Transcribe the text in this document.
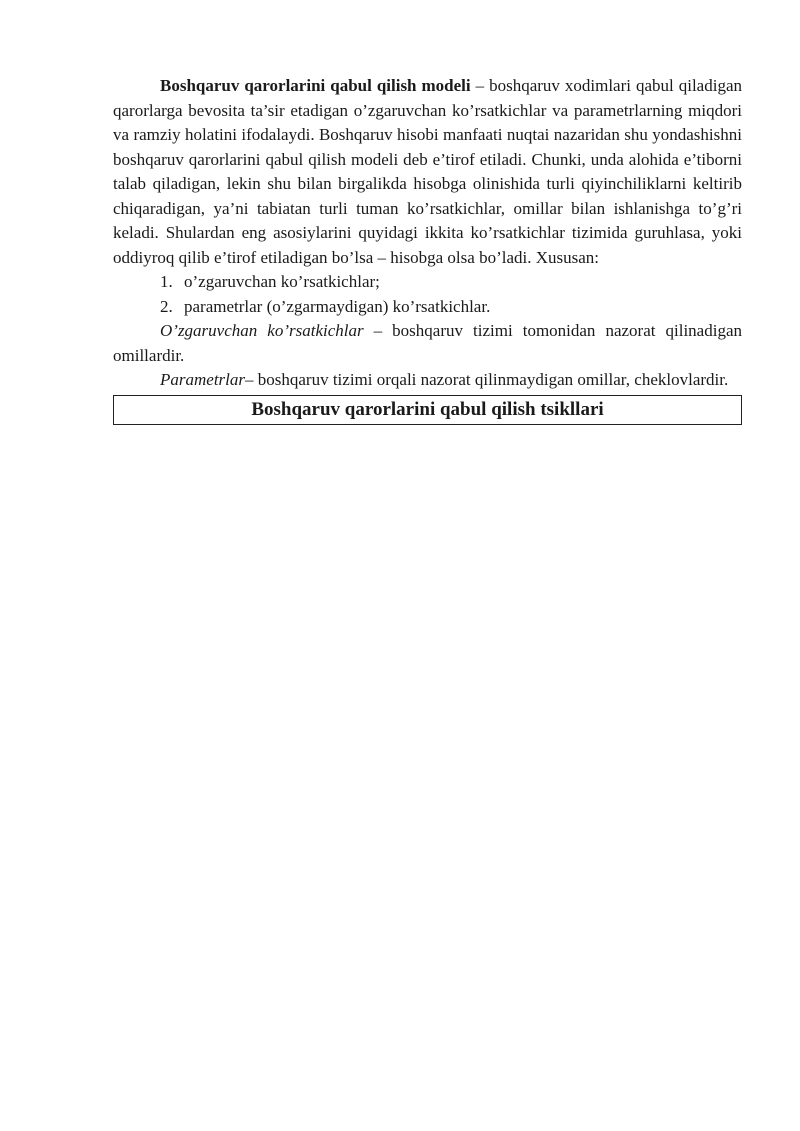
Boshqaruv qarorlarini qabul qilish modeli – boshqaruv xodimlari qabul qiladigan qarorlarga bevosita ta’sir etadigan o’zgaruvchan ko’rsatkichlar va parametrlarning miqdori va ramziy holatini ifodalaydi. Boshqaruv hisobi manfaati nuqtai nazaridan shu yondashishni boshqaruv qarorlarini qabul qilish modeli deb e’tirof etiladi. Chunki, unda alohida e’tiborni talab qiladigan, lekin shu bilan birgalikda hisobga olinishida turli qiyinchiliklarni keltirib chiqaradigan, ya’ni tabiatan turli tuman ko’rsatkichlar, omillar bilan ishlanishga to’g’ri keladi. Shulardan eng asosiylarini quyidagi ikkita ko’rsatkichlar tizimida guruhlasa, yoki oddiyroq qilib e’tirof etiladigan bo’lsa – hisobga olsa bo’ladi. Xususan:

1. o’zgaruvchan ko’rsatkichlar;
2. parametrlar (o’zgarmaydigan) ko’rsatkichlar.

O’zgaruvchan ko’rsatkichlar – boshqaruv tizimi tomonidan nazorat qilinadigan omillardir.

Parametrlar– boshqaruv tizimi orqali nazorat qilinmaydigan omillar, cheklovlardir.

Boshqaruv qarorlarini qabul qilish tsikllari
